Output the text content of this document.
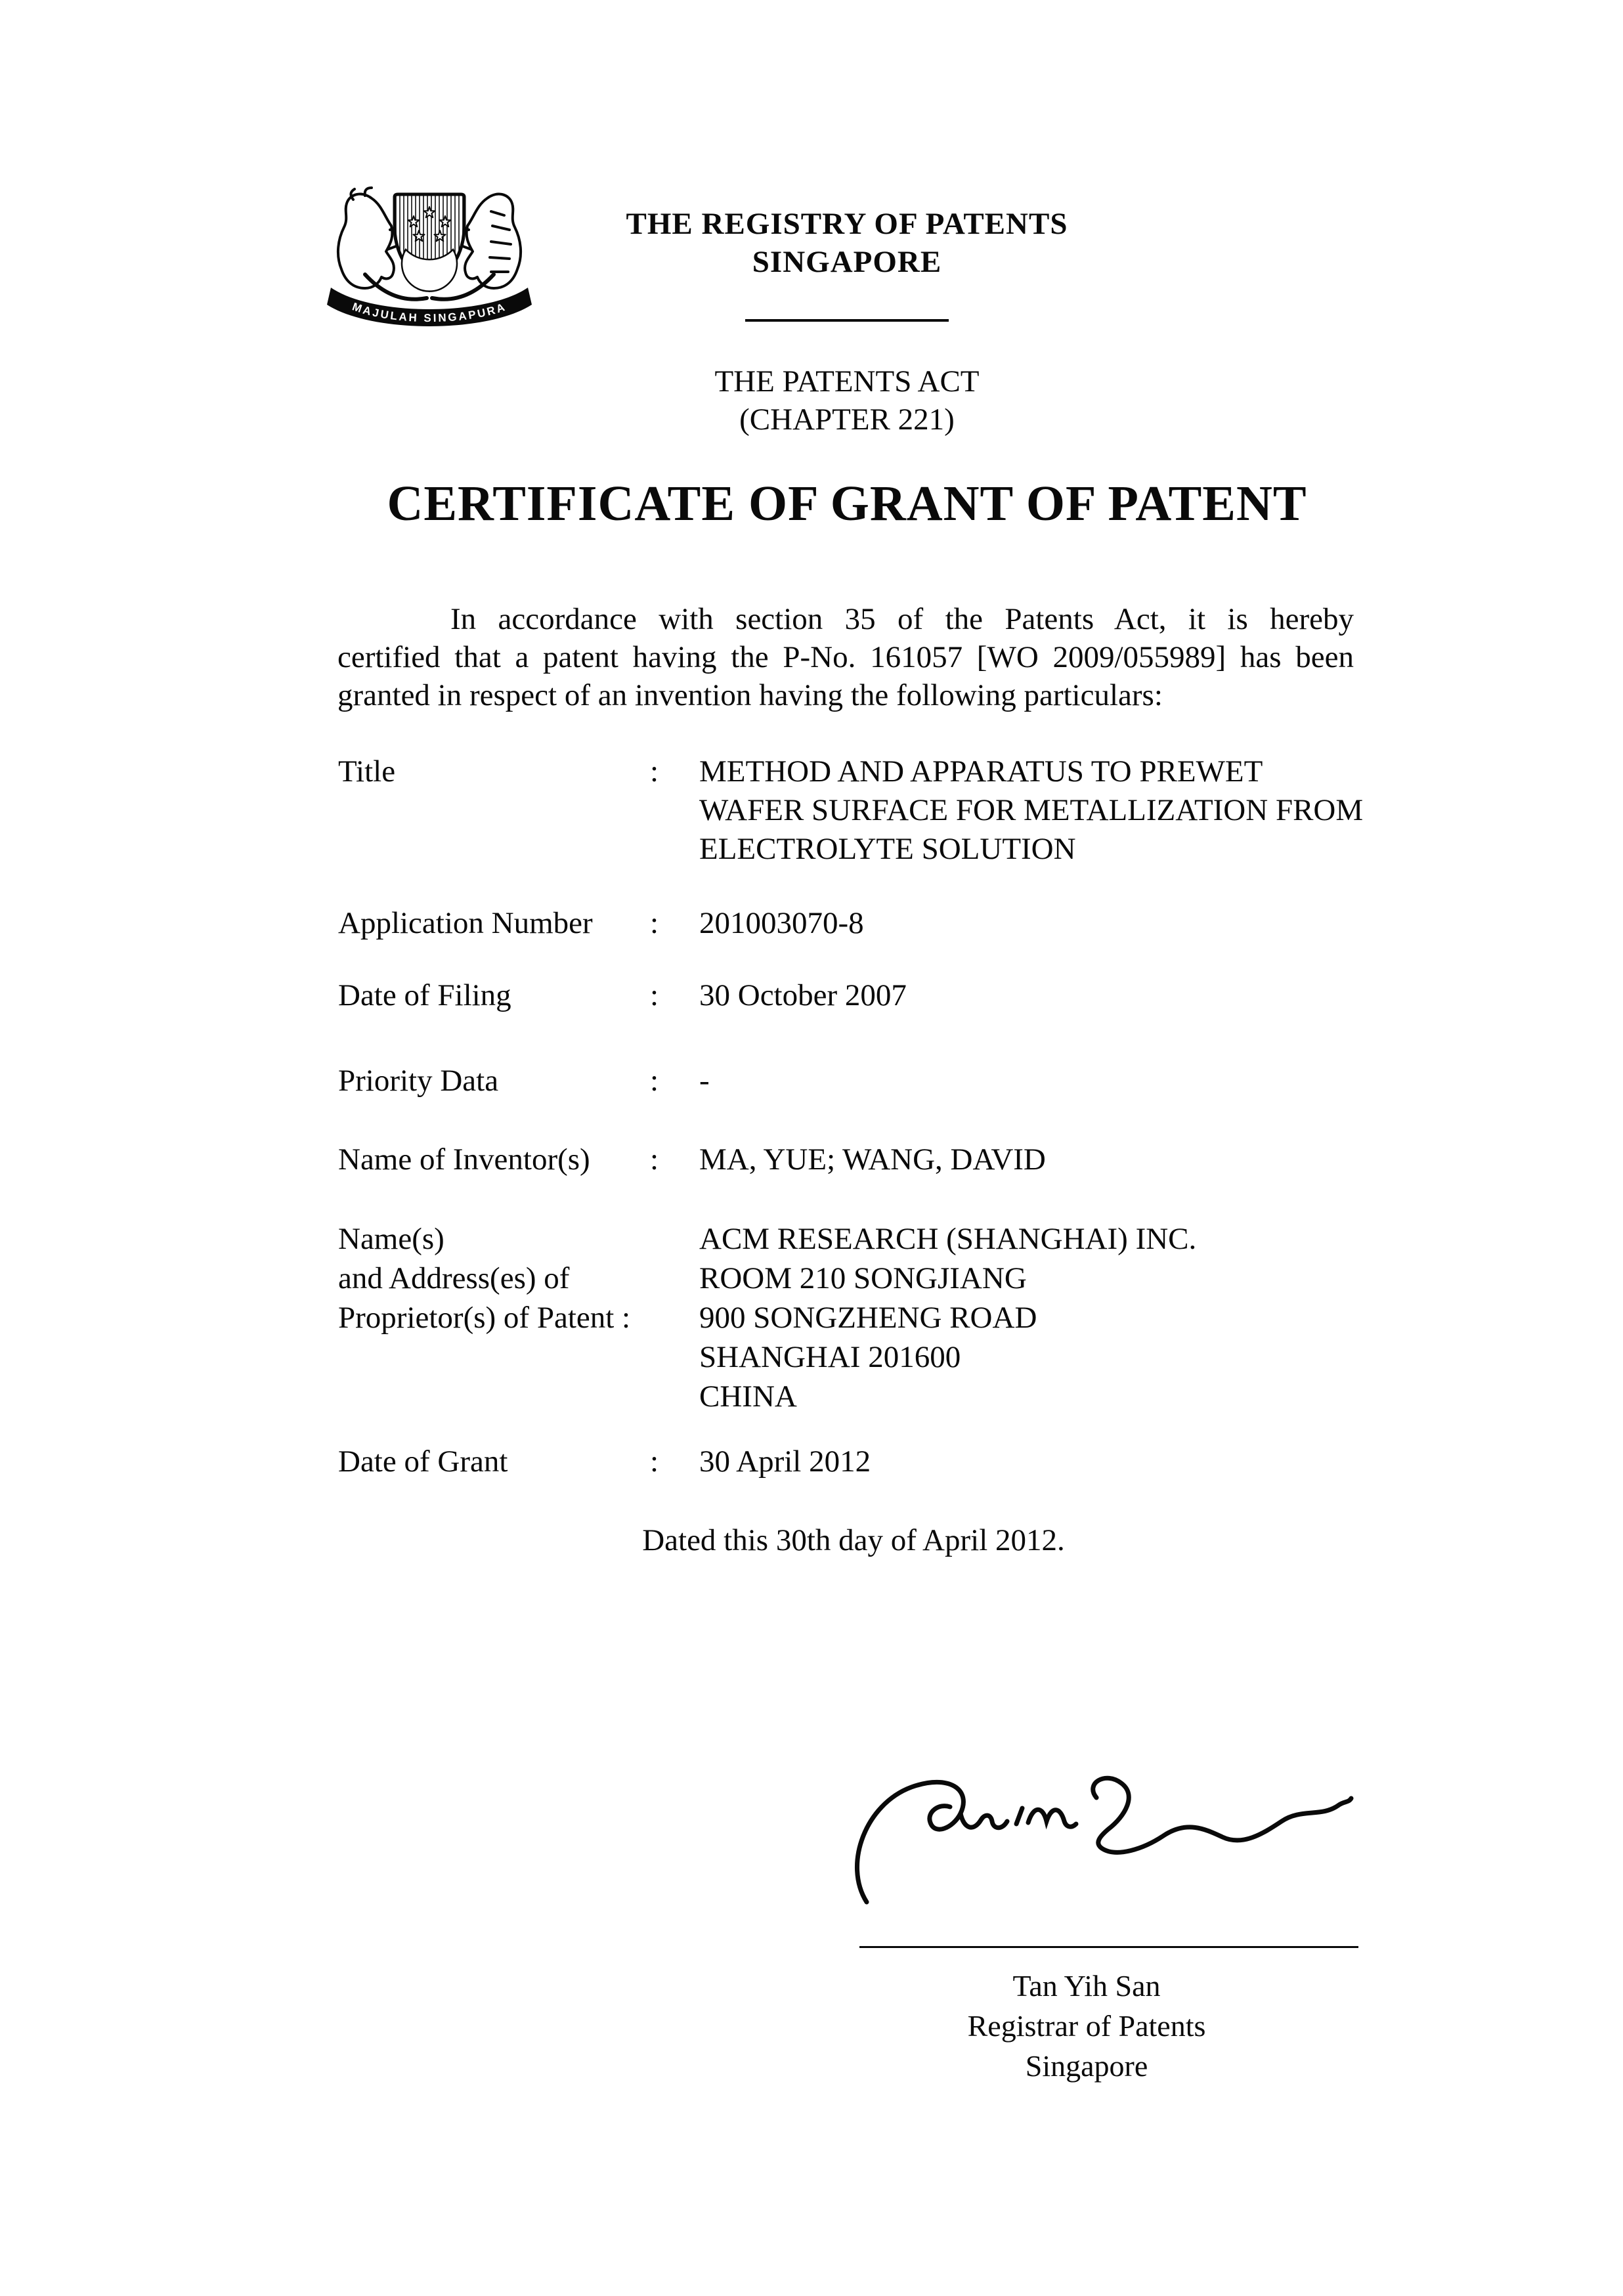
MAJULAH SINGAPURA
THE REGISTRY OF PATENTS
SINGAPORE
THE PATENTS ACT
(CHAPTER 221)
CERTIFICATE OF GRANT OF PATENT
In accordance with section 35 of the Patents Act, it is hereby
certified that a patent having the P-No. 161057 [WO 2009/055989] has been
granted in respect of an invention having the following particulars:
Title	:	METHOD AND APPARATUS TO PREWET
WAFER SURFACE FOR METALLIZATION FROM
ELECTROLYTE SOLUTION
Application Number	:	201003070-8
Date of Filing	:	30 October 2007
Priority Data	:	-
Name of Inventor(s)	:	MA, YUE; WANG, DAVID
Name(s)
and Address(es) of
Proprietor(s) of Patent :
ACM RESEARCH (SHANGHAI) INC.
ROOM 210 SONGJIANG
900 SONGZHENG ROAD
SHANGHAI 201600
CHINA
Date of Grant	:	30 April 2012
Dated this 30th day of April 2012.
Tan Yih San
Registrar of Patents
Singapore
